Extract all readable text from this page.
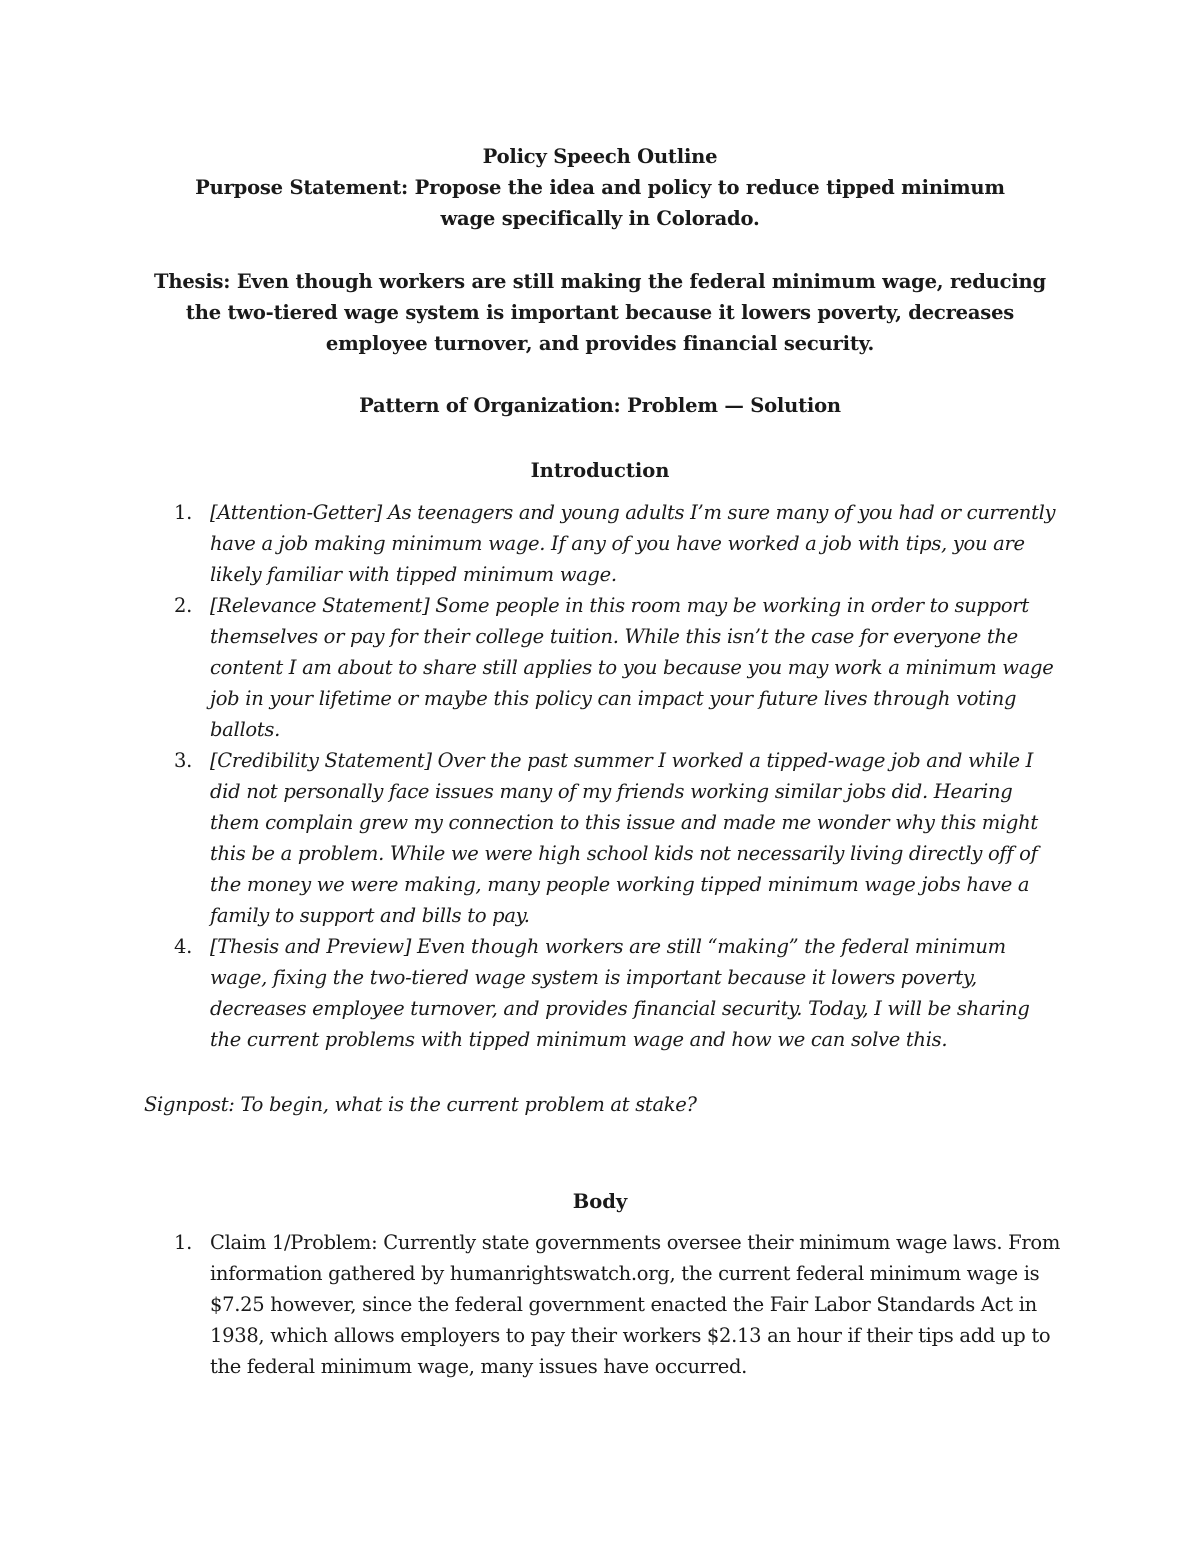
Policy Speech Outline
Purpose Statement: Propose the idea and policy to reduce tipped minimum wage specifically in Colorado.
Thesis: Even though workers are still making the federal minimum wage, reducing the two-tiered wage system is important because it lowers poverty, decreases employee turnover, and provides financial security.
Pattern of Organization: Problem — Solution
Introduction
1. [Attention-Getter] As teenagers and young adults I’m sure many of you had or currently have a job making minimum wage. If any of you have worked a job with tips, you are likely familiar with tipped minimum wage.
2. [Relevance Statement] Some people in this room may be working in order to support themselves or pay for their college tuition. While this isn’t the case for everyone the content I am about to share still applies to you because you may work a minimum wage job in your lifetime or maybe this policy can impact your future lives through voting ballots.
3. [Credibility Statement] Over the past summer I worked a tipped-wage job and while I did not personally face issues many of my friends working similar jobs did. Hearing them complain grew my connection to this issue and made me wonder why this might this be a problem. While we were high school kids not necessarily living directly off of the money we were making, many people working tipped minimum wage jobs have a family to support and bills to pay.
4. [Thesis and Preview] Even though workers are still “making” the federal minimum wage, fixing the two-tiered wage system is important because it lowers poverty, decreases employee turnover, and provides financial security. Today, I will be sharing the current problems with tipped minimum wage and how we can solve this.
Signpost: To begin, what is the current problem at stake?
Body
1. Claim 1/Problem: Currently state governments oversee their minimum wage laws. From information gathered by humanrightswatch.org, the current federal minimum wage is $7.25 however, since the federal government enacted the Fair Labor Standards Act in 1938, which allows employers to pay their workers $2.13 an hour if their tips add up to the federal minimum wage, many issues have occurred.
